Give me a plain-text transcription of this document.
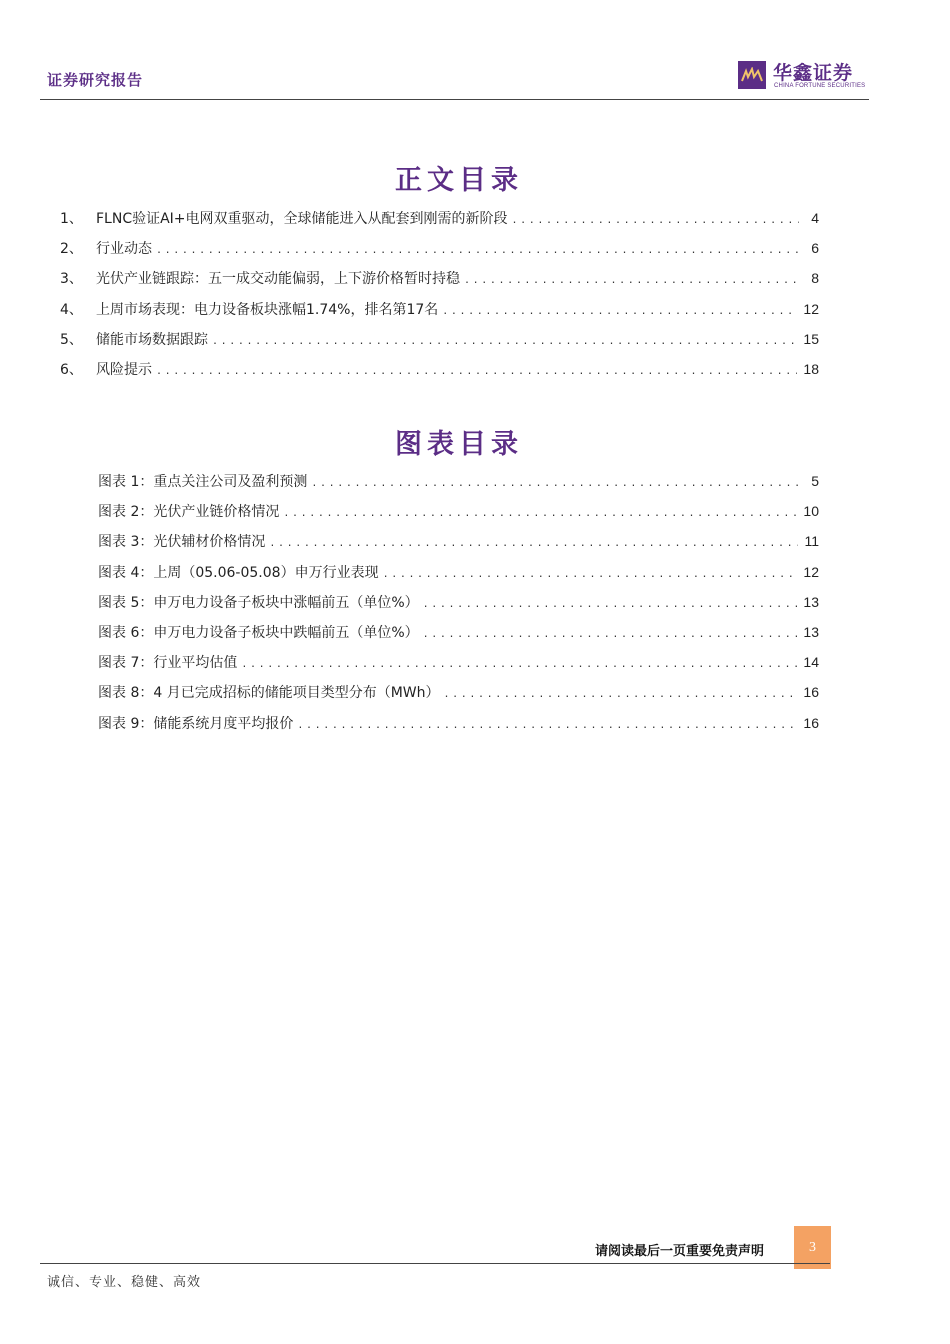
证券研究报告	华鑫证券
CHINA FORTUNE SECURITIES
正文目录
1、 FLNC验证AI+电网双重驱动，全球储能进入从配套到刚需的新阶段 .....	4
2、 行业动态 .....	6
3、 光伏产业链跟踪：五一成交动能偏弱，上下游价格暂时持稳 .....	8
4、 上周市场表现：电力设备板块涨幅1.74%，排名第17名 .....	12
5、 储能市场数据跟踪 .....	15
6、 风险提示 .....	18
图表目录
图表 1：重点关注公司及盈利预测 .....	5
图表 2：光伏产业链价格情况 .....	10
图表 3：光伏辅材价格情况 .....	11
图表 4：上周（05.06-05.08）申万行业表现 .....	12
图表 5：申万电力设备子板块中涨幅前五（单位%） .....	13
图表 6：申万电力设备子板块中跌幅前五（单位%） .....	13
图表 7：行业平均估值 .....	14
图表 8：4 月已完成招标的储能项目类型分布（MWh） .....	16
图表 9：储能系统月度平均报价 .....	16
请阅读最后一页重要免责声明	3
诚信、专业、稳健、高效
